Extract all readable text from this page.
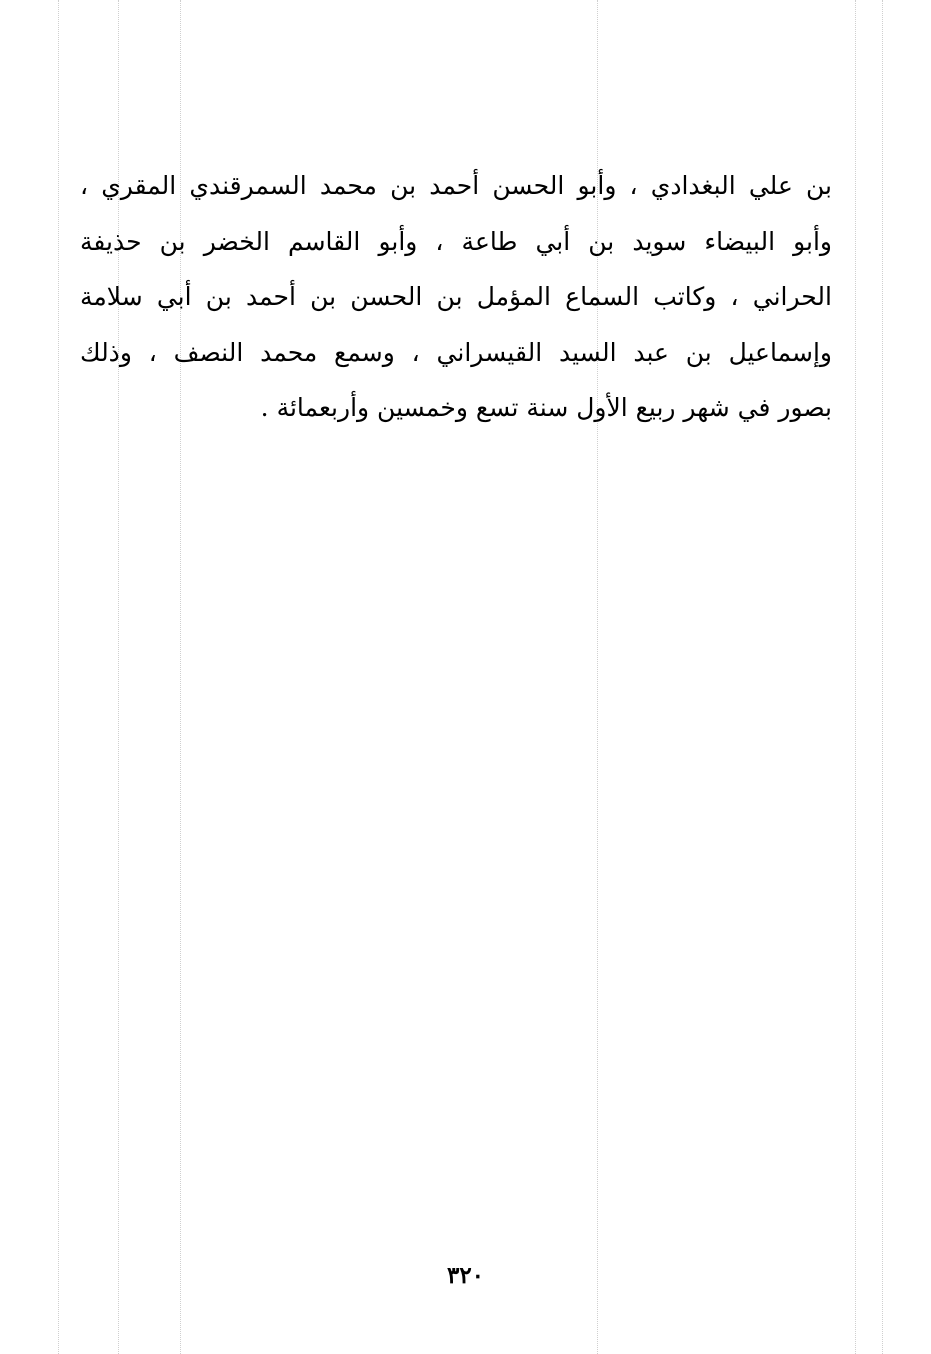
بن علي البغدادي ، وأبو الحسن أحمد بن محمد السمرقندي المقري ،
وأبو البيضاء سويد بن أبي طاعة ، وأبو القاسم الخضر بن حذيفة
الحراني ، وكاتب السماع المؤمل بن الحسن بن أحمد بن أبي سلامة
وإسماعيل بن عبد السيد القيسراني ، وسمع محمد النصف ، وذلك
بصور في شهر ربيع الأول سنة تسع وخمسين وأربعمائة .
٣٢٠
